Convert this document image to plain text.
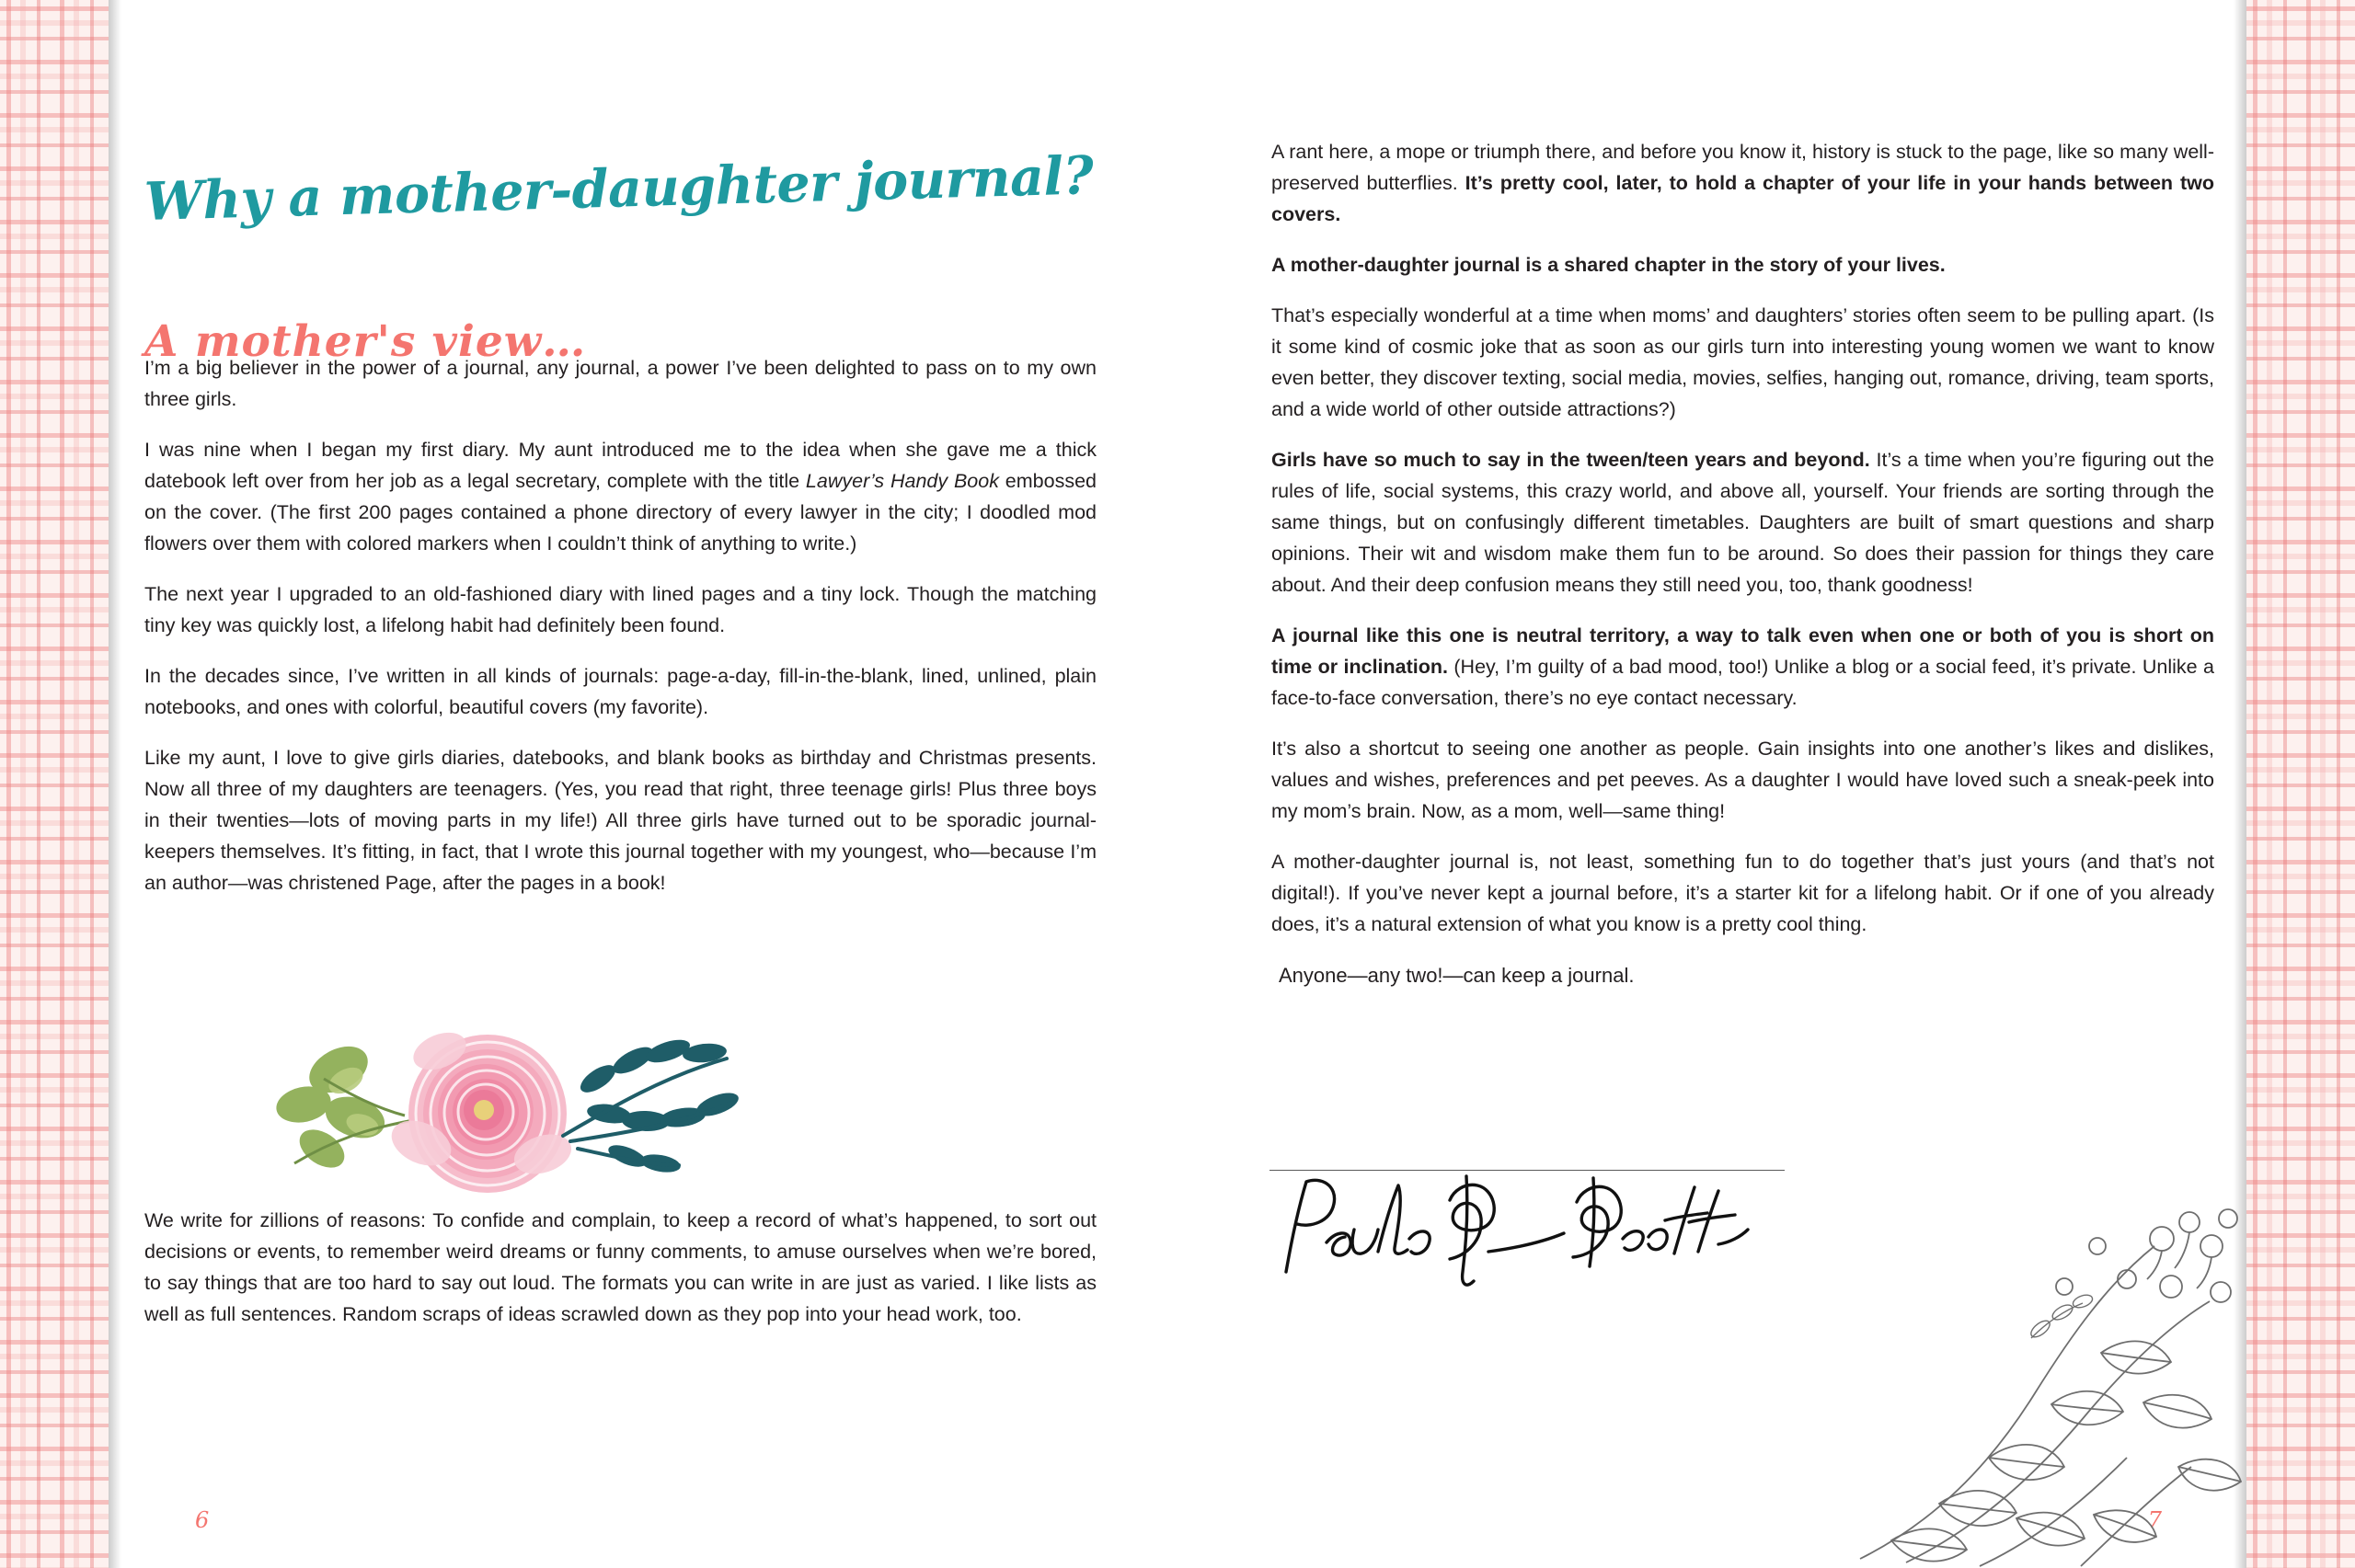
Why a mother-daughter journal?
A mother's view…

I’m a big believer in the power of a journal, any journal, a power I’ve been delighted to pass on to my own three girls.

I was nine when I began my first diary. My aunt introduced me to the idea when she gave me a thick datebook left over from her job as a legal secretary, complete with the title Lawyer’s Handy Book embossed on the cover. (The first 200 pages contained a phone directory of every lawyer in the city; I doodled mod flowers over them with colored markers when I couldn’t think of anything to write.)

The next year I upgraded to an old-fashioned diary with lined pages and a tiny lock. Though the matching tiny key was quickly lost, a lifelong habit had definitely been found.

In the decades since, I’ve written in all kinds of journals: page-a-day, fill-in-the-blank, lined, unlined, plain notebooks, and ones with colorful, beautiful covers (my favorite).

Like my aunt, I love to give girls diaries, datebooks, and blank books as birthday and Christmas presents. Now all three of my daughters are teenagers. (Yes, you read that right, three teenage girls! Plus three boys in their twenties—lots of moving parts in my life!) All three girls have turned out to be sporadic journal-keepers themselves. It’s fitting, in fact, that I wrote this journal together with my youngest, who—because I’m an author—was christened Page, after the pages in a book!

We write for zillions of reasons: To confide and complain, to keep a record of what’s happened, to sort out decisions or events, to remember weird dreams or funny comments, to amuse ourselves when we’re bored, to say things that are too hard to say out loud. The formats you can write in are just as varied. I like lists as well as full sentences. Random scraps of ideas scrawled down as they pop into your head work, too.

6

A rant here, a mope or triumph there, and before you know it, history is stuck to the page, like so many well-preserved butterflies. It’s pretty cool, later, to hold a chapter of your life in your hands between two covers.

A mother-daughter journal is a shared chapter in the story of your lives.

That’s especially wonderful at a time when moms’ and daughters’ stories often seem to be pulling apart. (Is it some kind of cosmic joke that as soon as our girls turn into interesting young women we want to know even better, they discover texting, social media, movies, selfies, hanging out, romance, driving, team sports, and a wide world of other outside attractions?)

Girls have so much to say in the tween/teen years and beyond. It’s a time when you’re figuring out the rules of life, social systems, this crazy world, and above all, yourself. Your friends are sorting through the same things, but on confusingly different timetables. Daughters are built of smart questions and sharp opinions. Their wit and wisdom make them fun to be around. So does their passion for things they care about. And their deep confusion means they still need you, too, thank goodness!

A journal like this one is neutral territory, a way to talk even when one or both of you is short on time or inclination. (Hey, I’m guilty of a bad mood, too!) Unlike a blog or a social feed, it’s private. Unlike a face-to-face conversation, there’s no eye contact necessary.

It’s also a shortcut to seeing one another as people. Gain insights into one another’s likes and dislikes, values and wishes, preferences and pet peeves. As a daughter I would have loved such a sneak-peek into my mom’s brain. Now, as a mom, well—same thing!

A mother-daughter journal is, not least, something fun to do together that’s just yours (and that’s not digital!). If you’ve never kept a journal before, it’s a starter kit for a lifelong habit. Or if one of you already does, it’s a natural extension of what you know is a pretty cool thing.

Anyone—any two!—can keep a journal.
7
